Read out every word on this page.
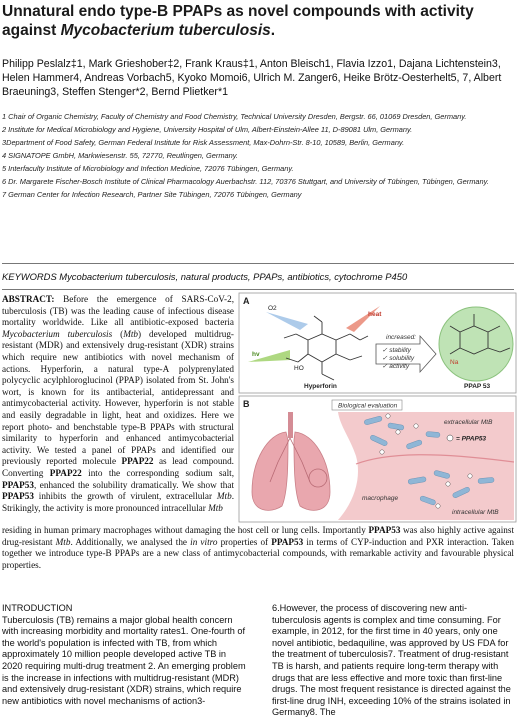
Unnatural endo type-B PPAPs as novel compounds with activity
against Mycobacterium tuberculosis.
Philipp Peslalz‡1, Mark Grieshober‡2, Frank Kraus‡1, Anton Bleisch1, Flavia Izzo1, Dajana Lichtenstein3, Helen Hammer4, Andreas Vorbach5, Kyoko Momoi6, Ulrich M. Zanger6, Heike Brötz-Oesterhelt5, 7, Albert Braeuning3, Steffen Stenger*2, Bernd Plietker*1
1 Chair of Organic Chemistry, Faculty of Chemistry and Food Chemistry, Technical University Dresden, Bergstr. 66, 01069 Dresden, Germany.
2 Institute for Medical Microbiology and Hygiene, University Hospital of Ulm, Albert-Einstein-Allee 11, D-89081 Ulm, Germany.
3Department of Food Safety, German Federal Institute for Risk Assessment, Max-Dohrn-Str. 8-10, 10589, Berlin, Germany.
4 SIGNATOPE GmbH, Markwiesenstr. 55, 72770, Reutlingen, Germany.
5 Interfaculty Institute of Microbiology and Infection Medicine, 72076 Tübingen, Germany.
6 Dr. Margarete Fischer-Bosch Institute of Clinical Pharmacology Auerbachstr. 112, 70376 Stuttgart, and University of Tübingen, Tübingen, Germany.
7 German Center for Infection Research, Partner Site Tübingen, 72076 Tübingen, Germany
KEYWORDS Mycobacterium tuberculosis, natural products, PPAPs, antibiotics, cytochrome P450
ABSTRACT: Before the emergence of SARS-CoV-2, tuberculosis (TB) was the leading cause of infectious disease mortality worldwide. Like all antibiotic-exposed bacteria Mycobacterium tuberculosis (Mtb) developed multidrug-resistant (MDR) and extensively drug-resistant (XDR) strains which require new antibiotics with novel mechanism of actions. Hyperforin, a natural type-A polyprenylated polycyclic acylphloroglucinol (PPAP) isolated from St. John's wort, is known for its antibacterial, antidepressant and antimycobacterial activity. However, hyperforin is not stable and easily degradable in light, heat and oxidizes. Here we report photo- and benchstable type-B PPAPs with structural similarity to hyperforin and enhanced antimycobacterial activity. We tested a panel of PPAPs and identified our previously reported molecule PPAP22 as lead compound. Converting PPAP22 into the corresponding sodium salt, PPAP53, enhanced the solubility dramatically. We show that PPAP53 inhibits the growth of virulent, extracellular Mtb. Strikingly, the activity is more pronounced intracellular Mtb
residing in human primary macrophages without damaging the host cell or lung cells. Importantly PPAP53 was also highly active against drug-resistant Mtb. Additionally, we analysed the in vitro properties of PPAP53 in terms of CYP-induction and PXR interaction. Taken together we introduce type-B PPAPs are a new class of antimycobacterial compounds, with remarkable activity and favourable physical properties.
A
O2
heat
hv
HO
Hyperforin
increased:
✓ stability
✓ solubility
✓ activity
Na
PPAP 53
B	Biological evaluation
extracellular MtB
= PPAP53
macrophage
intracellular MtB
INTRODUCTION
Tuberculosis (TB) remains a major global health concern with increasing morbidity and mortality rates1. One-fourth of the world's population is infected with TB, from which approximately 10 million people developed active TB in 2020 requiring multi-drug treatment 2. An emerging problem is the increase in infections with multidrug-resistant (MDR) and extensively drug-resistant (XDR) strains, which require new antibiotics with novel mechanisms of action3-
6.However, the process of discovering new anti-tuberculosis agents is complex and time consuming. For example, in 2012, for the first time in 40 years, only one novel antibiotic, bedaquiline, was approved by US FDA for the treatment of tuberculosis7. Treatment of drug-resistant TB is harsh, and patients require long-term therapy with drugs that are less effective and more toxic than first-line drugs. The most frequent resistance is directed against the first-line drug INH, exceeding 10% of the strains isolated in Germany8. The
